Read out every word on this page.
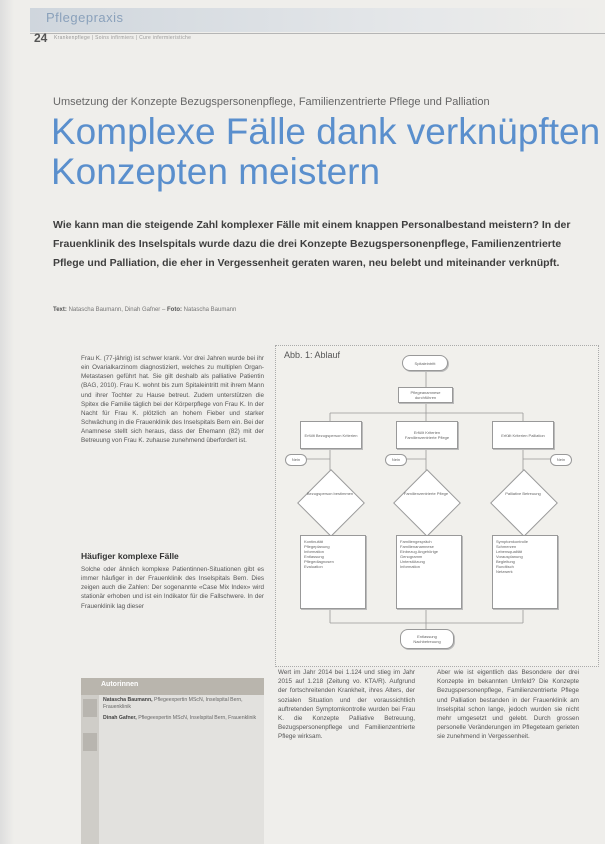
Pflegepraxis
24 Krankenpflege | Soins infirmiers | Cure infermieristiche
Umsetzung der Konzepte Bezugspersonenpflege, Familienzentrierte Pflege und Palliation
Komplexe Fälle dank verknüpften
Konzepten meistern
Wie kann man die steigende Zahl komplexer Fälle mit einem knappen Personalbestand meistern? In der Frauenklinik des Inselspitals wurde dazu die drei Konzepte Bezugspersonenpflege, Familienzentrierte Pflege und Palliation, die eher in Vergessenheit geraten waren, neu belebt und miteinander verknüpft.
Text: Natascha Baumann, Dinah Gafner – Foto: Natascha Baumann
Frau K. (77-jährig) ist schwer krank. Vor drei Jahren wurde bei ihr ein Ovarialkarzinom diagnostiziert, welches zu multiplen Organ-Metastasen geführt hat. Sie gilt deshalb als palliative Patientin (BAG, 2010). Frau K. wohnt bis zum Spitaleintritt mit ihrem Mann und ihrer Tochter zu Hause betreut. Zudem unterstützen die Spitex die Familie täglich bei der Körperpflege von Frau K. In der Nacht für Frau K. plötzlich an hohem Fieber und starker Schwächung in die Frauenklinik des Inselspitals Bern ein. Bei der Anamnese stellt sich heraus, dass der Ehemann (82) mit der Betreuung von Frau K. zuhause zunehmend überfordert ist.
Häufiger komplexe Fälle
Solche oder ähnlich komplexe Patientinnen-Situationen gibt es immer häufiger in der Frauenklinik des Inselspitals Bern. Dies zeigen auch die Zahlen: Der sogenannte «Case Mix Index» wird stationär erhoben und ist ein Indikator für die Fallschwere. In der Frauenklinik lag dieser
Abb. 1: Ablauf
Spitaleintritt
Pflegeanamnese durchführen
Erfüllt Bezugsperson Kriterien	Erfüllt Kriterien Familienzentrierte Pflege	Erfüllt Kriterien Palliation
Nein	Nein	Nein
Bezugsperson bestimmen	Familienzentrierte Pflege	Palliative Betreuung
Kontinuität
Pflegeplanung
Information
Entlassung
Pflegediagnosen
Evaluation
Familiengespräch
Familienanamnese
Einbezug Angehörige
Genogramm
Unterstützung
Information
Symptomkontrolle
Schmerzen
Lebensqualität
Vorausplanung
Begleitung
Rundtisch
Netzwerk
Entlassung
Nachbetreuung
Autorinnen
Natascha Baumann, Pflegeexpertin MScN, Inselspital Bern, Frauenklinik
Dinah Gafner, Pflegeexpertin MScN, Inselspital Bern, Frauenklinik
Wert im Jahr 2014 bei 1.124 und stieg im Jahr 2015 auf 1.218 (Zeitung vo. KTA/R). Aufgrund der fortschreitenden Krankheit, ihres Alters, der sozialen Situation und der voraussichtlich auftretenden Symptomkontrolle wurden bei Frau K. die Konzepte Palliative Betreuung, Bezugspersonenpflege und Familienzentrierte Pflege wirksam.
Aber wie ist eigentlich das Besondere der drei Konzepte im bekannten Umfeld? Die Konzepte Bezugspersonenpflege, Familienzentrierte Pflege und Palliation bestanden in der Frauenklinik am Inselspital schon lange, jedoch wurden sie nicht mehr umgesetzt und gelebt. Durch grossen personelle Veränderungen im Pflegeteam gerieten sie zunehmend in Vergessenheit.
